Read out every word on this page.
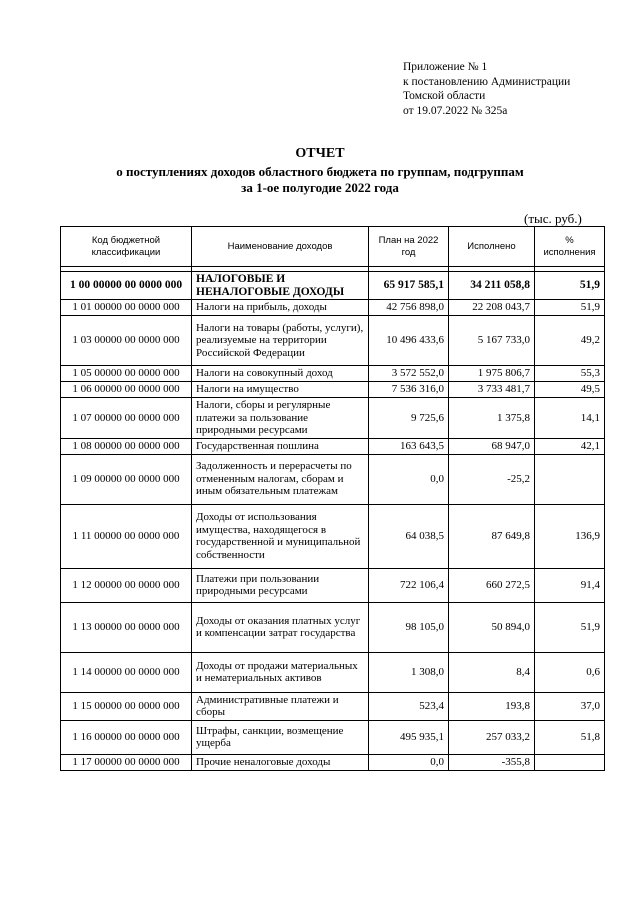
Приложение № 1
к постановлению Администрации
Томской области
от 19.07.2022 № 325а
ОТЧЕТ
о поступлениях доходов областного бюджета по группам, подгруппам
за 1-ое полугодие 2022 года
(тыс. руб.)
Код бюджетной классификации	Наименование доходов	План на 2022 год	Исполнено	% исполнения

1 00 00000 00 0000 000	НАЛОГОВЫЕ И НЕНАЛОГОВЫЕ ДОХОДЫ	65 917 585,1	34 211 058,8	51,9
1 01 00000 00 0000 000	Налоги на прибыль, доходы	42 756 898,0	22 208 043,7	51,9
1 03 00000 00 0000 000	Налоги на товары (работы, услуги), реализуемые на территории Российской Федерации	10 496 433,6	5 167 733,0	49,2
1 05 00000 00 0000 000	Налоги на совокупный доход	3 572 552,0	1 975 806,7	55,3
1 06 00000 00 0000 000	Налоги на имущество	7 536 316,0	3 733 481,7	49,5
1 07 00000 00 0000 000	Налоги, сборы и регулярные платежи за пользование природными ресурсами	9 725,6	1 375,8	14,1
1 08 00000 00 0000 000	Государственная пошлина	163 643,5	68 947,0	42,1
1 09 00000 00 0000 000	Задолженность и перерасчеты по отмененным налогам, сборам и иным обязательным платежам	0,0	-25,2	
1 11 00000 00 0000 000	Доходы от использования имущества, находящегося в государственной и муниципальной собственности	64 038,5	87 649,8	136,9
1 12 00000 00 0000 000	Платежи при пользовании природными ресурсами	722 106,4	660 272,5	91,4
1 13 00000 00 0000 000	Доходы от оказания платных услуг и компенсации затрат государства	98 105,0	50 894,0	51,9
1 14 00000 00 0000 000	Доходы от продажи материальных и нематериальных активов	1 308,0	8,4	0,6
1 15 00000 00 0000 000	Административные платежи и сборы	523,4	193,8	37,0
1 16 00000 00 0000 000	Штрафы, санкции, возмещение ущерба	495 935,1	257 033,2	51,8
1 17 00000 00 0000 000	Прочие неналоговые доходы	0,0	-355,8	
